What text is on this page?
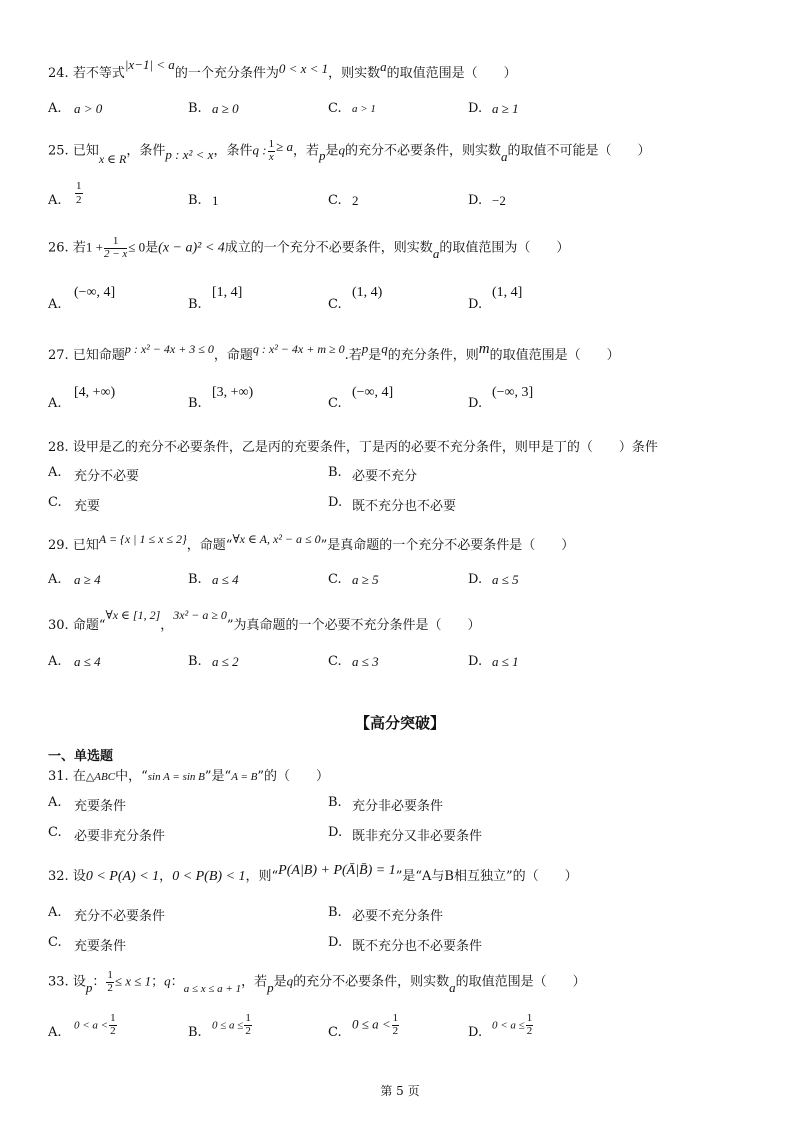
24. 若不等式|x−1| < a的一个充分条件为0 < x < 1，则实数a的取值范围是（　　）
A. a > 0	B. a ≥ 0	C. a > 1	D. a ≥ 1
25. 已知x ∈ R，条件p : x² < x，条件q : $\frac{1}{x} \ge a$，若p是q的充分不必要条件，则实数a的取值不可能是（　　）
A. $\frac{1}{2}$	B. 1	C. 2	D. −2
26. 若$1 + \frac{1}{2 - x} \le 0$是(x − a)² < 4成立的一个充分不必要条件，则实数a的取值范围为（　　）
A.
(−∞, 4]
B.
[1, 4]
C.
(1, 4)
D.
(1, 4]
27. 已知命题p : x² − 4x + 3 ≤ 0，命题q : x² − 4x + m ≥ 0.若p是q的充分条件，则m的取值范围是（　　）
A.
[4, +∞)
B.
[3, +∞)
C.
(−∞, 4]
D.
(−∞, 3]
28. 设甲是乙的充分不必要条件，乙是丙的充要条件，丁是丙的必要不充分条件，则甲是丁的（　　）条件
A. 充分不必要	B. 必要不充分
C. 充要	D. 既不充分也不必要
29. 已知A = {x | 1 ≤ x ≤ 2}，命题“∀x ∈ A, x² − a ≤ 0”是真命题的一个充分不必要条件是（　　）
A. a ≥ 4	B. a ≤ 4	C. a ≥ 5	D. a ≤ 5
30. 命题“∀x ∈ [1, 2]，3x² − a ≥ 0”为真命题的一个必要不充分条件是（　　）
A. a ≤ 4	B. a ≤ 2	C. a ≤ 3	D. a ≤ 1
【高分突破】
一、单选题
31. 在△ABC中，“sin A = sin B”是“A = B”的（　　）
A. 充要条件	B. 充分非必要条件
C. 必要非充分条件	D. 既非充分又非必要条件
32. 设0 < P(A) < 1，0 < P(B) < 1，则“P(A|B) + P(Ā|B̄) = 1”是“A与B相互独立”的（　　）
A. 充分不必要条件	B. 必要不充分条件
C. 充要条件	D. 既不充分也不必要条件
33. 设p： $\frac{1}{2} \le x \le 1$；q：$_{a \le x \le a + 1}$，若p是q的充分不必要条件，则实数a的取值范围是（　　）
A. $0 < a < \frac{1}{2}$	B. $0 \le a \le \frac{1}{2}$	C.
$0 \le a < \frac{1}{2}$	D. $0 < a \le \frac{1}{2}$
第 5 页
